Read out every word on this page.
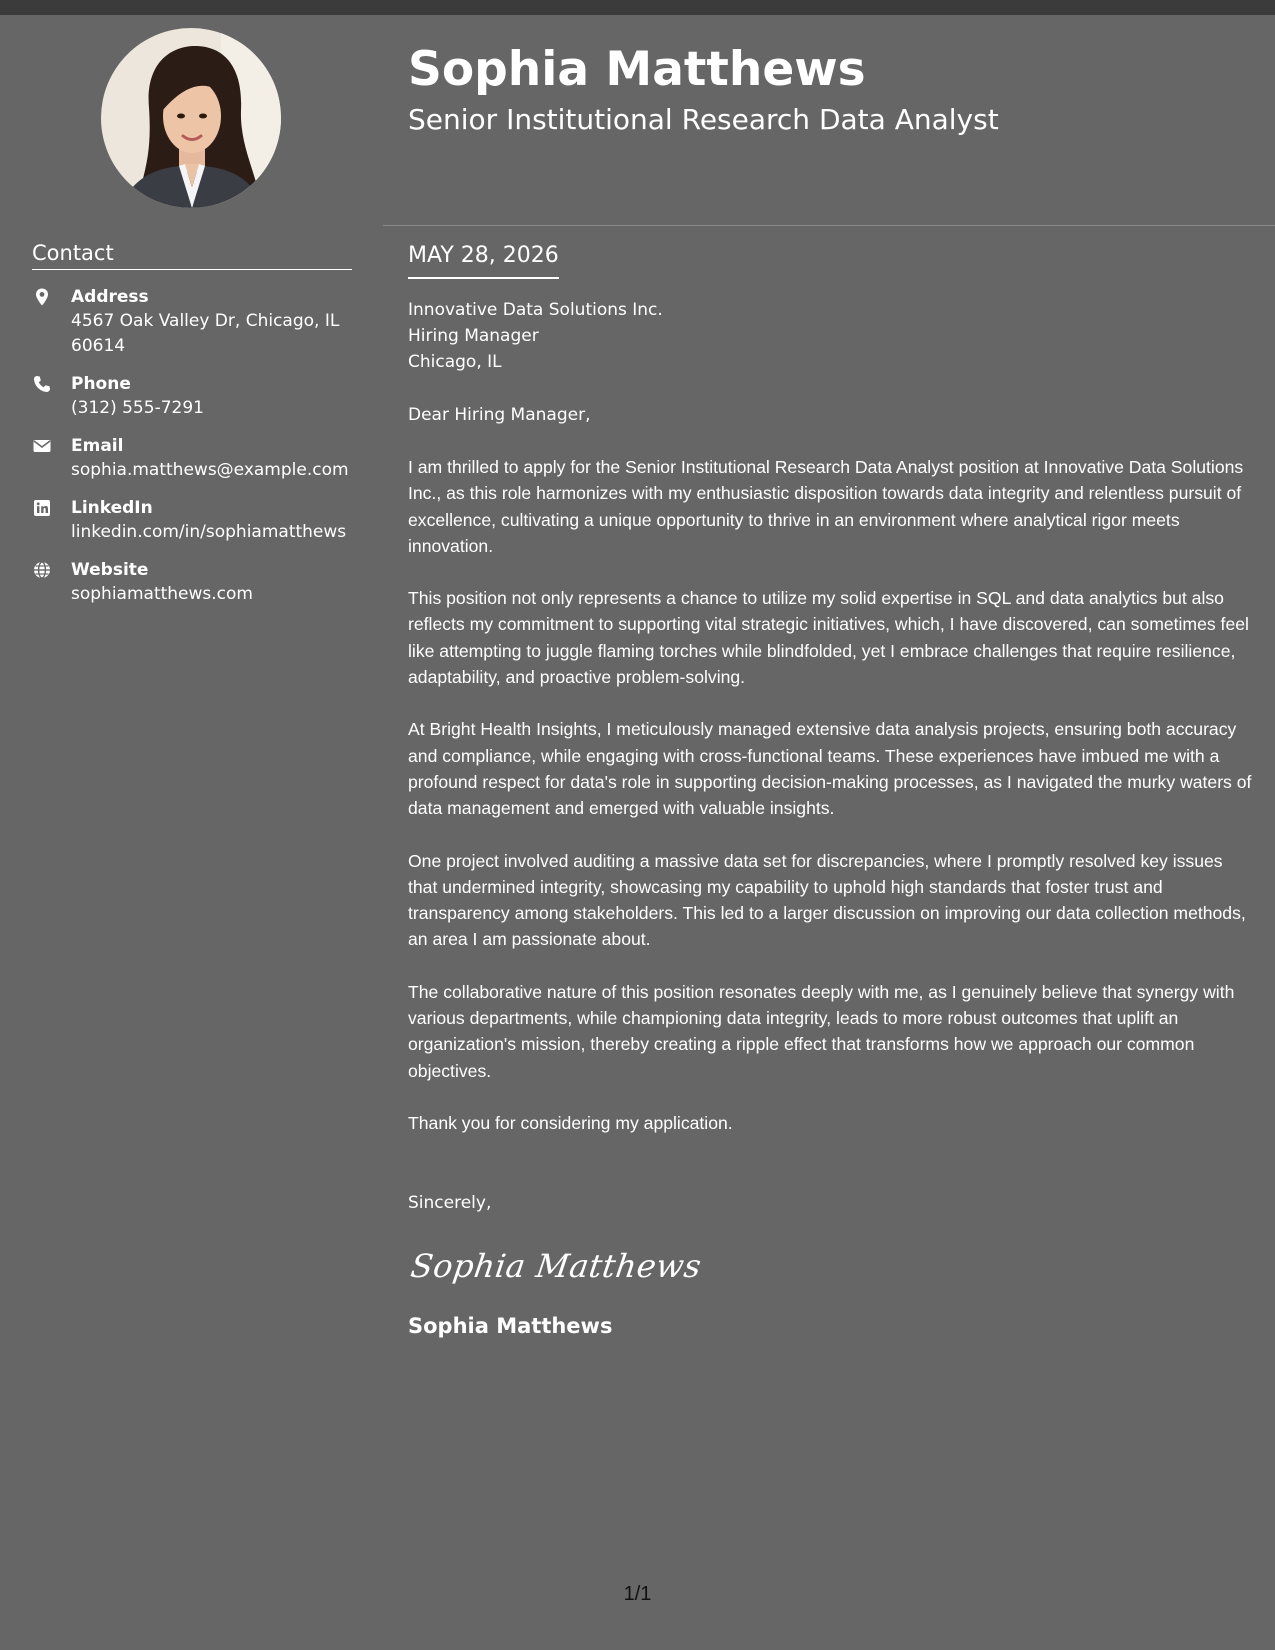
Contact
Address
4567 Oak Valley Dr, Chicago, IL 60614
Phone
(312) 555-7291
Email
sophia.matthews@example.com
LinkedIn
linkedin.com/in/sophiamatthews
Website
sophiamatthews.com
Sophia Matthews
Senior Institutional Research Data Analyst
MAY 28, 2026
Innovative Data Solutions Inc.
Hiring Manager
Chicago, IL

Dear Hiring Manager,

I am thrilled to apply for the Senior Institutional Research Data Analyst position at Innovative Data Solutions Inc., as this role harmonizes with my enthusiastic disposition towards data integrity and relentless pursuit of excellence, cultivating a unique opportunity to thrive in an environment where analytical rigor meets innovation.

This position not only represents a chance to utilize my solid expertise in SQL and data analytics but also reflects my commitment to supporting vital strategic initiatives, which, I have discovered, can sometimes feel like attempting to juggle flaming torches while blindfolded, yet I embrace challenges that require resilience, adaptability, and proactive problem-solving.

At Bright Health Insights, I meticulously managed extensive data analysis projects, ensuring both accuracy and compliance, while engaging with cross-functional teams. These experiences have imbued me with a profound respect for data's role in supporting decision-making processes, as I navigated the murky waters of data management and emerged with valuable insights.

One project involved auditing a massive data set for discrepancies, where I promptly resolved key issues that undermined integrity, showcasing my capability to uphold high standards that foster trust and transparency among stakeholders. This led to a larger discussion on improving our data collection methods, an area I am passionate about.

The collaborative nature of this position resonates deeply with me, as I genuinely believe that synergy with various departments, while championing data integrity, leads to more robust outcomes that uplift an organization's mission, thereby creating a ripple effect that transforms how we approach our common objectives.

Thank you for considering my application.

Sincerely,

Sophia Matthews
Sophia Matthews
1/1
